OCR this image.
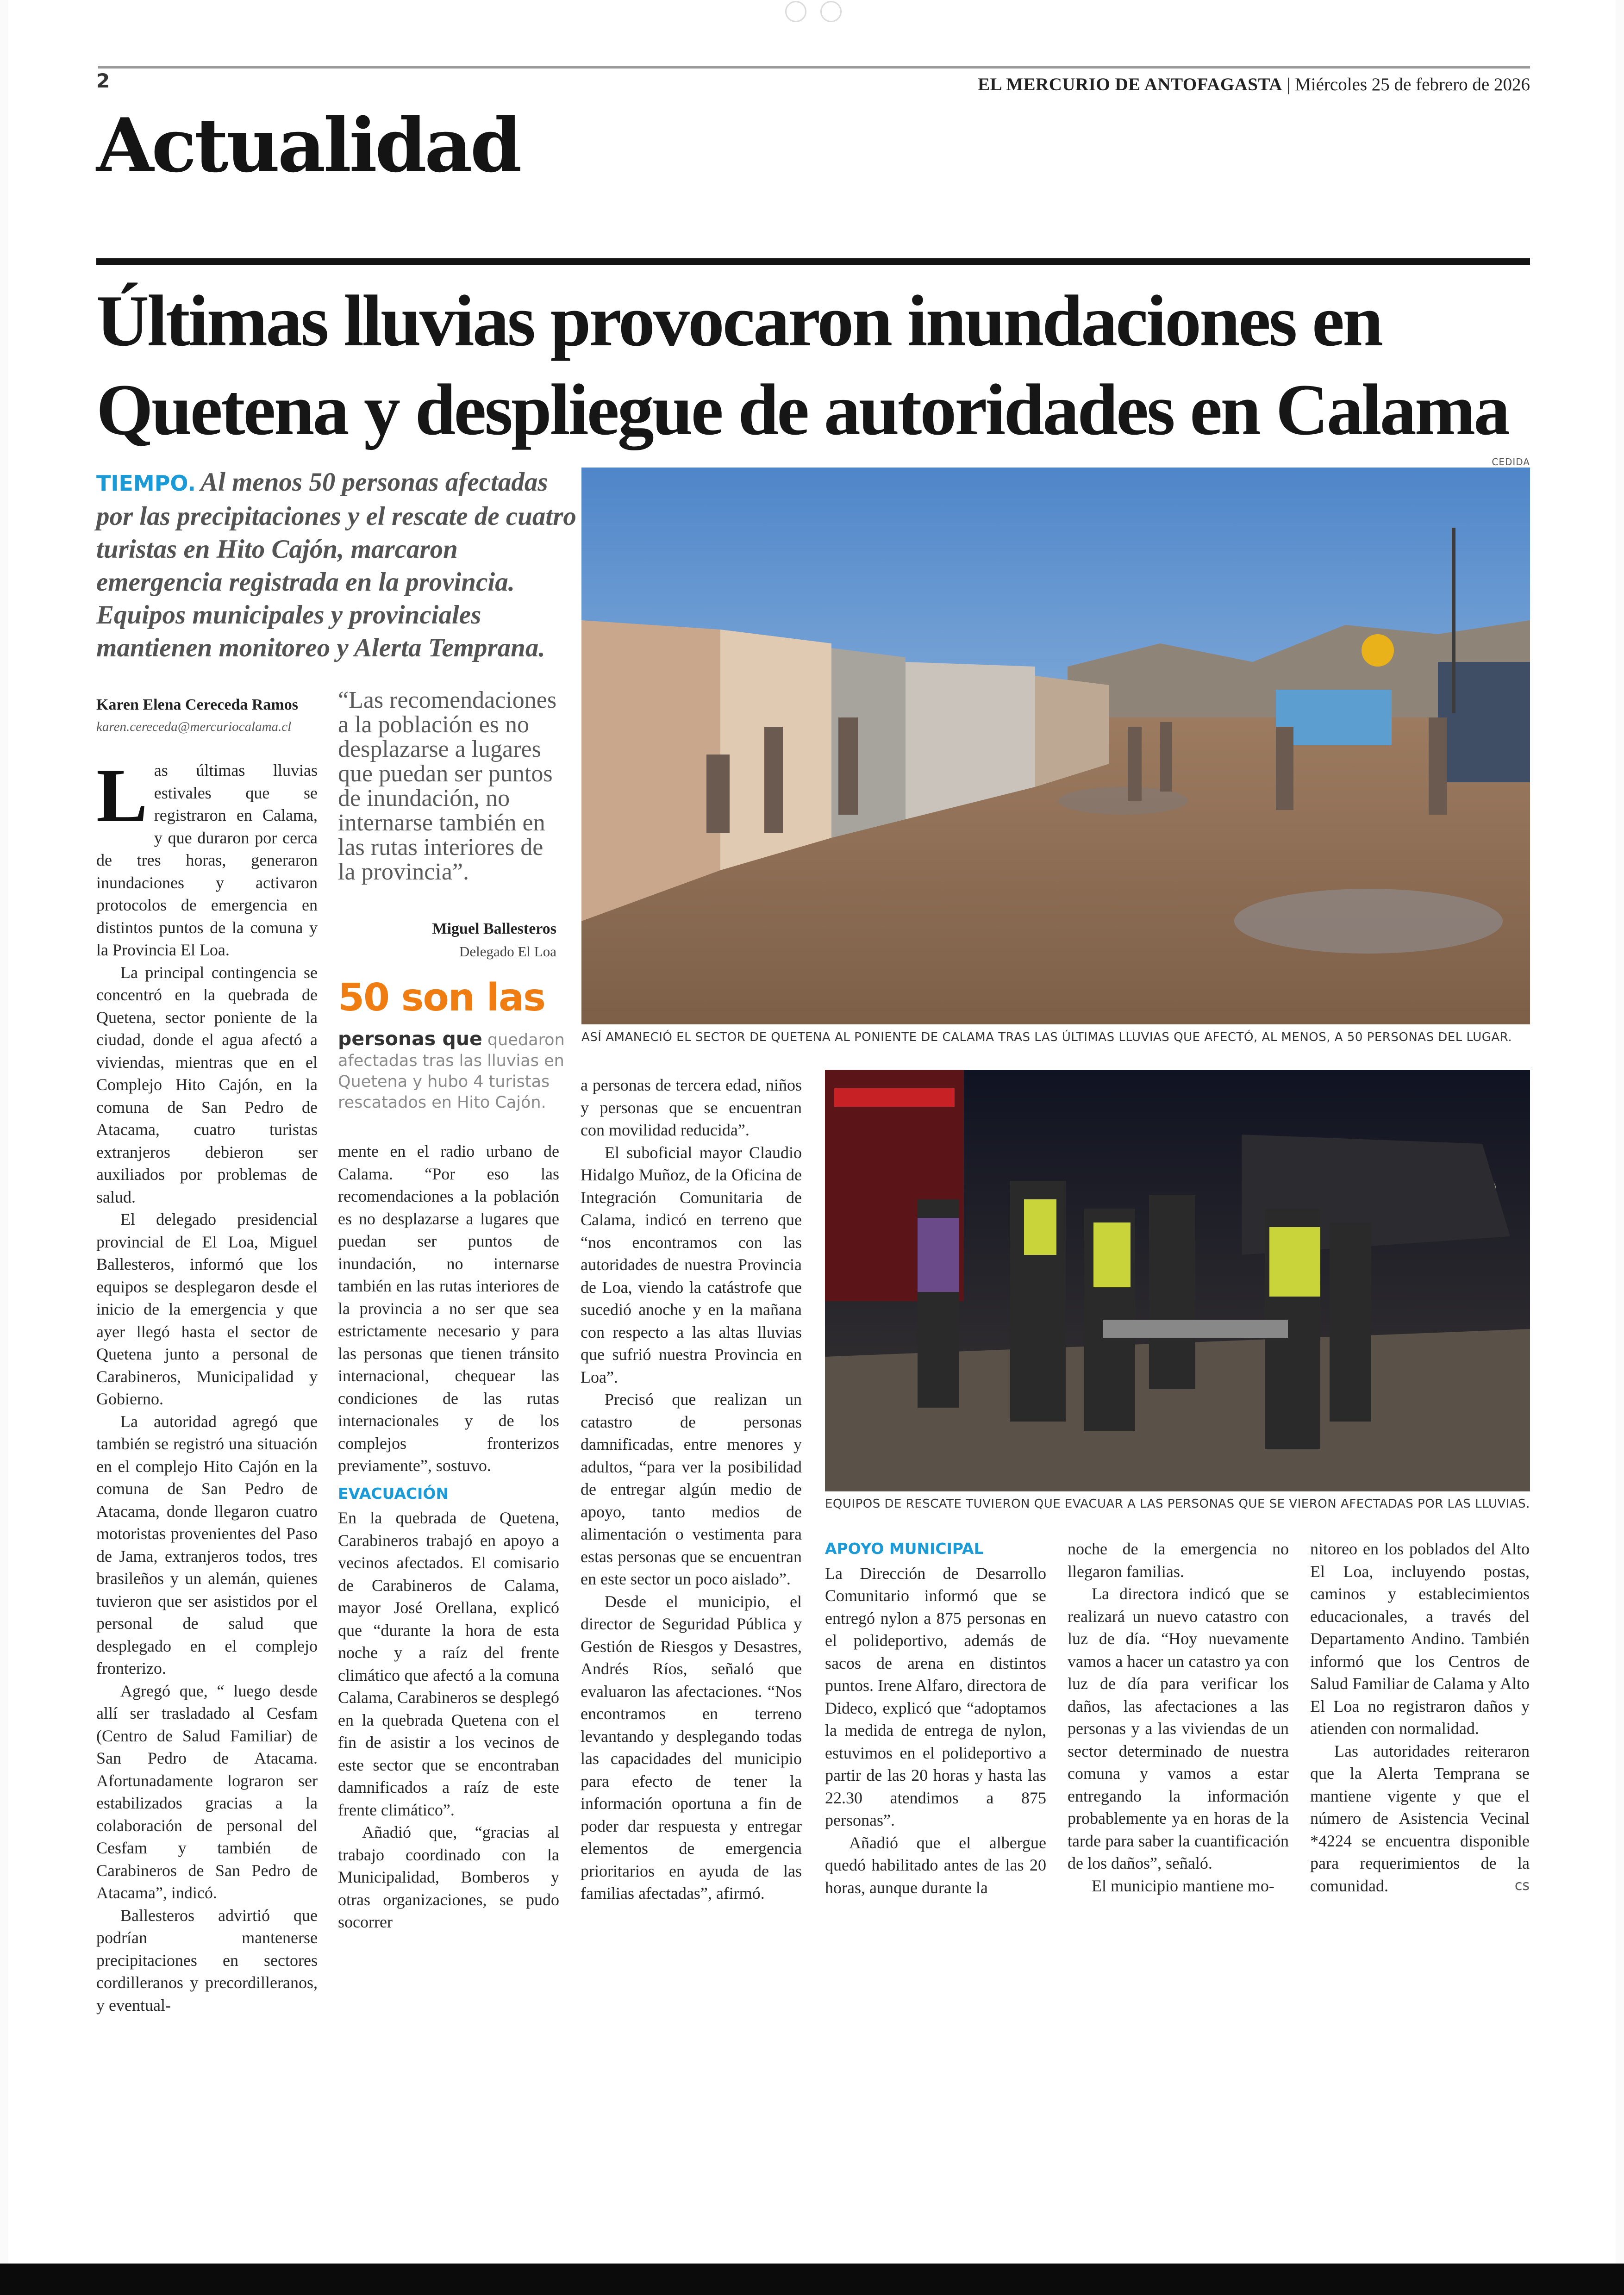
2	EL MERCURIO DE ANTOFAGASTA | Miércoles 25 de febrero de 2026
Actualidad
Últimas lluvias provocaron inundaciones en
Quetena y despliegue de autoridades en Calama

TIEMPO. Al menos 50 personas afectadas por las precipitaciones y el rescate de cuatro turistas en Hito Cajón, marcaron emergencia registrada en la provincia. Equipos municipales y provinciales mantienen monitoreo y Alerta Temprana.

Karen Elena Cereceda Ramos
karen.cereceda@mercuriocalama.cl

Las últimas lluvias estivales que se registraron en Calama, y que duraron por cerca de tres horas, generaron inundaciones y activaron protocolos de emergencia en distintos puntos de la comuna y la Provincia El Loa.

La principal contingencia se concentró en la quebrada de Quetena, sector poniente de la ciudad, donde el agua afectó a viviendas, mientras que en el Complejo Hito Cajón, en la comuna de San Pedro de Atacama, cuatro turistas extranjeros debieron ser auxiliados por problemas de salud.

El delegado presidencial provincial de El Loa, Miguel Ballesteros, informó que los equipos se desplegaron desde el inicio de la emergencia y que ayer llegó hasta el sector de Quetena junto a personal de Carabineros, Municipalidad y Gobierno.

La autoridad agregó que también se registró una situación en el complejo Hito Cajón en la comuna de San Pedro de Atacama, donde llegaron cuatro motoristas provenientes del Paso de Jama, extranjeros todos, tres brasileños y un alemán, quienes tuvieron que ser asistidos por el personal de salud que desplegado en el complejo fronterizo.

Agregó que, “ luego desde allí ser trasladado al Cesfam (Centro de Salud Familiar) de San Pedro de Atacama. Afortunadamente lograron ser estabilizados gracias a la colaboración de personal del Cesfam y también de Carabineros de San Pedro de Atacama”, indicó.

Ballesteros advirtió que podrían mantenerse precipitaciones en sectores cordilleranos y precordilleranos, y eventual-

“Las recomendaciones a la población es no desplazarse a lugares que puedan ser puntos de inundación, no internarse también en las rutas interiores de la provincia”.
Miguel Ballesteros
Delegado El Loa
50 son las
personas que quedaron afectadas tras las lluvias en Quetena y hubo 4 turistas rescatados en Hito Cajón.

mente en el radio urbano de Calama. “Por eso las recomendaciones a la población es no desplazarse a lugares que puedan ser puntos de inundación, no internarse también en las rutas interiores de la provincia a no ser que sea estrictamente necesario y para las personas que tienen tránsito internacional, chequear las condiciones de las rutas internacionales y de los complejos fronterizos previamente”, sostuvo.

EVACUACIÓN

En la quebrada de Quetena, Carabineros trabajó en apoyo a vecinos afectados. El comisario de Carabineros de Calama, mayor José Orellana, explicó que “durante la hora de esta noche y a raíz del frente climático que afectó a la comuna Calama, Carabineros se desplegó en la quebrada Quetena con el fin de asistir a los vecinos de este sector que se encontraban damnificados a raíz de este frente climático”.

Añadió que, “gracias al trabajo coordinado con la Municipalidad, Bomberos y otras organizaciones, se pudo socorrer

a personas de tercera edad, niños y personas que se encuentran con movilidad reducida”.

El suboficial mayor Claudio Hidalgo Muñoz, de la Oficina de Integración Comunitaria de Calama, indicó en terreno que “nos encontramos con las autoridades de nuestra Provincia de Loa, viendo la catástrofe que sucedió anoche y en la mañana con respecto a las altas lluvias que sufrió nuestra Provincia en Loa”.

Precisó que realizan un catastro de personas damnificadas, entre menores y adultos, “para ver la posibilidad de entregar algún medio de apoyo, tanto medios de alimentación o vestimenta para estas personas que se encuentran en este sector un poco aislado”.

Desde el municipio, el director de Seguridad Pública y Gestión de Riesgos y Desastres, Andrés Ríos, señaló que evaluaron las afectaciones. “Nos encontramos en terreno levantando y desplegando todas las capacidades del municipio para efecto de tener la información oportuna a fin de poder dar respuesta y entregar elementos de emergencia prioritarios en ayuda de las familias afectadas”, afirmó.

APOYO MUNICIPAL

La Dirección de Desarrollo Comunitario informó que se entregó nylon a 875 personas en el polideportivo, además de sacos de arena en distintos puntos. Irene Alfaro, directora de Dideco, explicó que “adoptamos la medida de entrega de nylon, estuvimos en el polideportivo a partir de las 20 horas y hasta las 22.30 atendimos a 875 personas”.

Añadió que el albergue quedó habilitado antes de las 20 horas, aunque durante la

noche de la emergencia no llegaron familias.

La directora indicó que se realizará un nuevo catastro con luz de día. “Hoy nuevamente vamos a hacer un catastro ya con luz de día para verificar los daños, las afectaciones a las personas y a las viviendas de un sector determinado de nuestra comuna y vamos a estar entregando la información probablemente ya en horas de la tarde para saber la cuantificación de los daños”, señaló.

El municipio mantiene mo-

nitoreo en los poblados del Alto El Loa, incluyendo postas, caminos y establecimientos educacionales, a través del Departamento Andino. También informó que los Centros de Salud Familiar de Calama y Alto El Loa no registraron daños y atienden con normalidad.

Las autoridades reiteraron que la Alerta Temprana se mantiene vigente y que el número de Asistencia Vecinal *4224 se encuentra disponible para requerimientos de la comunidad.	cs

CEDIDA
ASÍ AMANECIÓ EL SECTOR DE QUETENA AL PONIENTE DE CALAMA TRAS LAS ÚLTIMAS LLUVIAS QUE AFECTÓ, AL MENOS, A 50 PERSONAS DEL LUGAR.
EQUIPOS DE RESCATE TUVIERON QUE EVACUAR A LAS PERSONAS QUE SE VIERON AFECTADAS POR LAS LLUVIAS.
